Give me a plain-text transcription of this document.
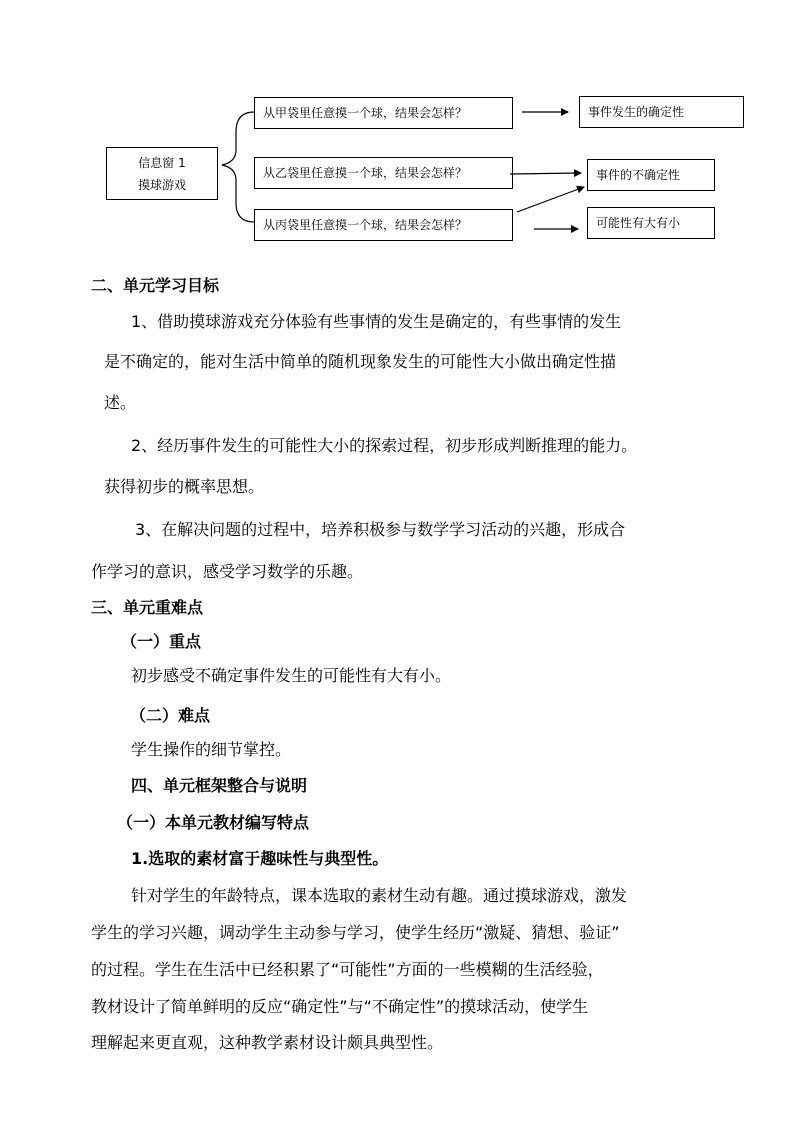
信息窗 1
摸球游戏
从甲袋里任意摸一个球，结果会怎样？
从乙袋里任意摸一个球，结果会怎样？
从丙袋里任意摸一个球，结果会怎样？
事件发生的确定性
事件的不确定性
可能性有大有小
二、单元学习目标
1、借助摸球游戏充分体验有些事情的发生是确定的，有些事情的发生
是不确定的，能对生活中简单的随机现象发生的可能性大小做出确定性描
述。
2、经历事件发生的可能性大小的探索过程，初步形成判断推理的能力。
获得初步的概率思想。
3、在解决问题的过程中，培养积极参与数学学习活动的兴趣，形成合
作学习的意识，感受学习数学的乐趣。
三、单元重难点
（一）重点
初步感受不确定事件发生的可能性有大有小。
（二）难点
学生操作的细节掌控。
四、单元框架整合与说明
（一）本单元教材编写特点
1.选取的素材富于趣味性与典型性。
针对学生的年龄特点，课本选取的素材生动有趣。通过摸球游戏，激发
学生的学习兴趣，调动学生主动参与学习，使学生经历“激疑、猜想、验证”
的过程。学生在生活中已经积累了“可能性”方面的一些模糊的生活经验，
教材设计了简单鲜明的反应“确定性”与“不确定性”的摸球活动，使学生
理解起来更直观，这种教学素材设计颇具典型性。
